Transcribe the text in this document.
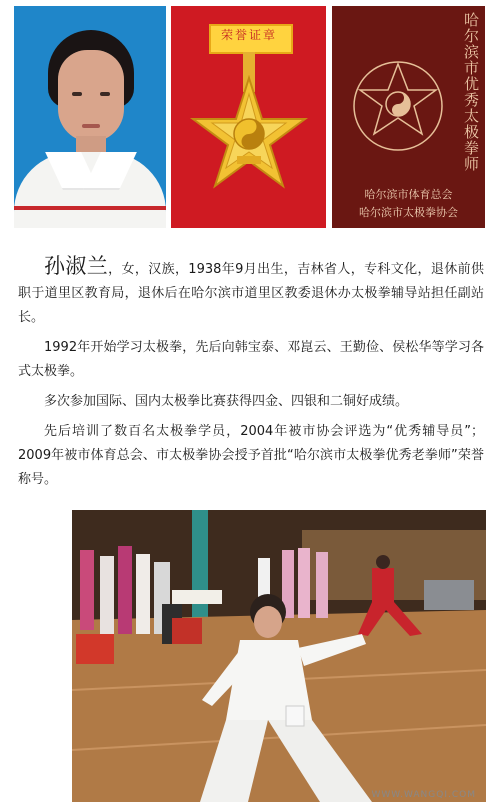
荣誉证章	哈尔滨市优秀太极拳师
哈尔滨市体育总会
哈尔滨市太极拳协会

孙淑兰，女，汉族，1938年9月出生，吉林省人，专科文化，退休前供职于道里区教育局，退休后在哈尔滨市道里区教委退休办太极拳辅导站担任副站长。

1992年开始学习太极拳，先后向韩宝泰、邓崑云、王勤俭、侯松华等学习各式太极拳。

多次参加国际、国内太极拳比赛获得四金、四银和二铜好成绩。

先后培训了数百名太极拳学员，2004年被市协会评选为“优秀辅导员”；2009年被市体育总会、市太极拳协会授予首批“哈尔滨市太极拳优秀老拳师”荣誉称号。

WWW.WANGQI.COM
